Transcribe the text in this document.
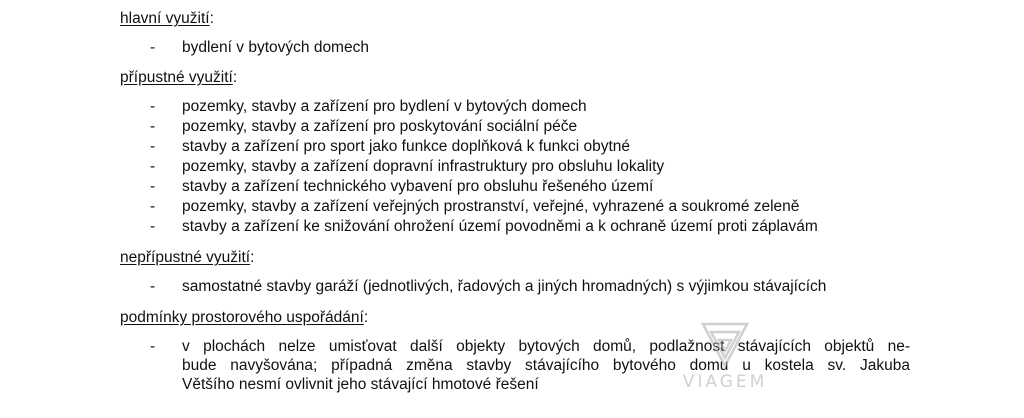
hlavní využití:
- bydlení v bytových domech
přípustné využití:
- pozemky, stavby a zařízení pro bydlení v bytových domech
- pozemky, stavby a zařízení pro poskytování sociální péče
- stavby a zařízení pro sport jako funkce doplňková k funkci obytné
- pozemky, stavby a zařízení dopravní infrastruktury pro obsluhu lokality
- stavby a zařízení technického vybavení pro obsluhu řešeného území
- pozemky, stavby a zařízení veřejných prostranství, veřejné, vyhrazené a soukromé zeleně
- stavby a zařízení ke snižování ohrožení území povodněmi a k ochraně území proti záplavám
nepřípustné využití:
- samostatné stavby garáží (jednotlivých, řadových a jiných hromadných) s výjimkou stávajících
podmínky prostorového uspořádání:
- v plochách nelze umisťovat další objekty bytových domů, podlažnost stávajících objektů ne-
bude navyšována; případná změna stavby stávajícího bytového domu u kostela sv. Jakuba
Většího nesmí ovlivnit jeho stávající hmotové řešení	VIAGEM
